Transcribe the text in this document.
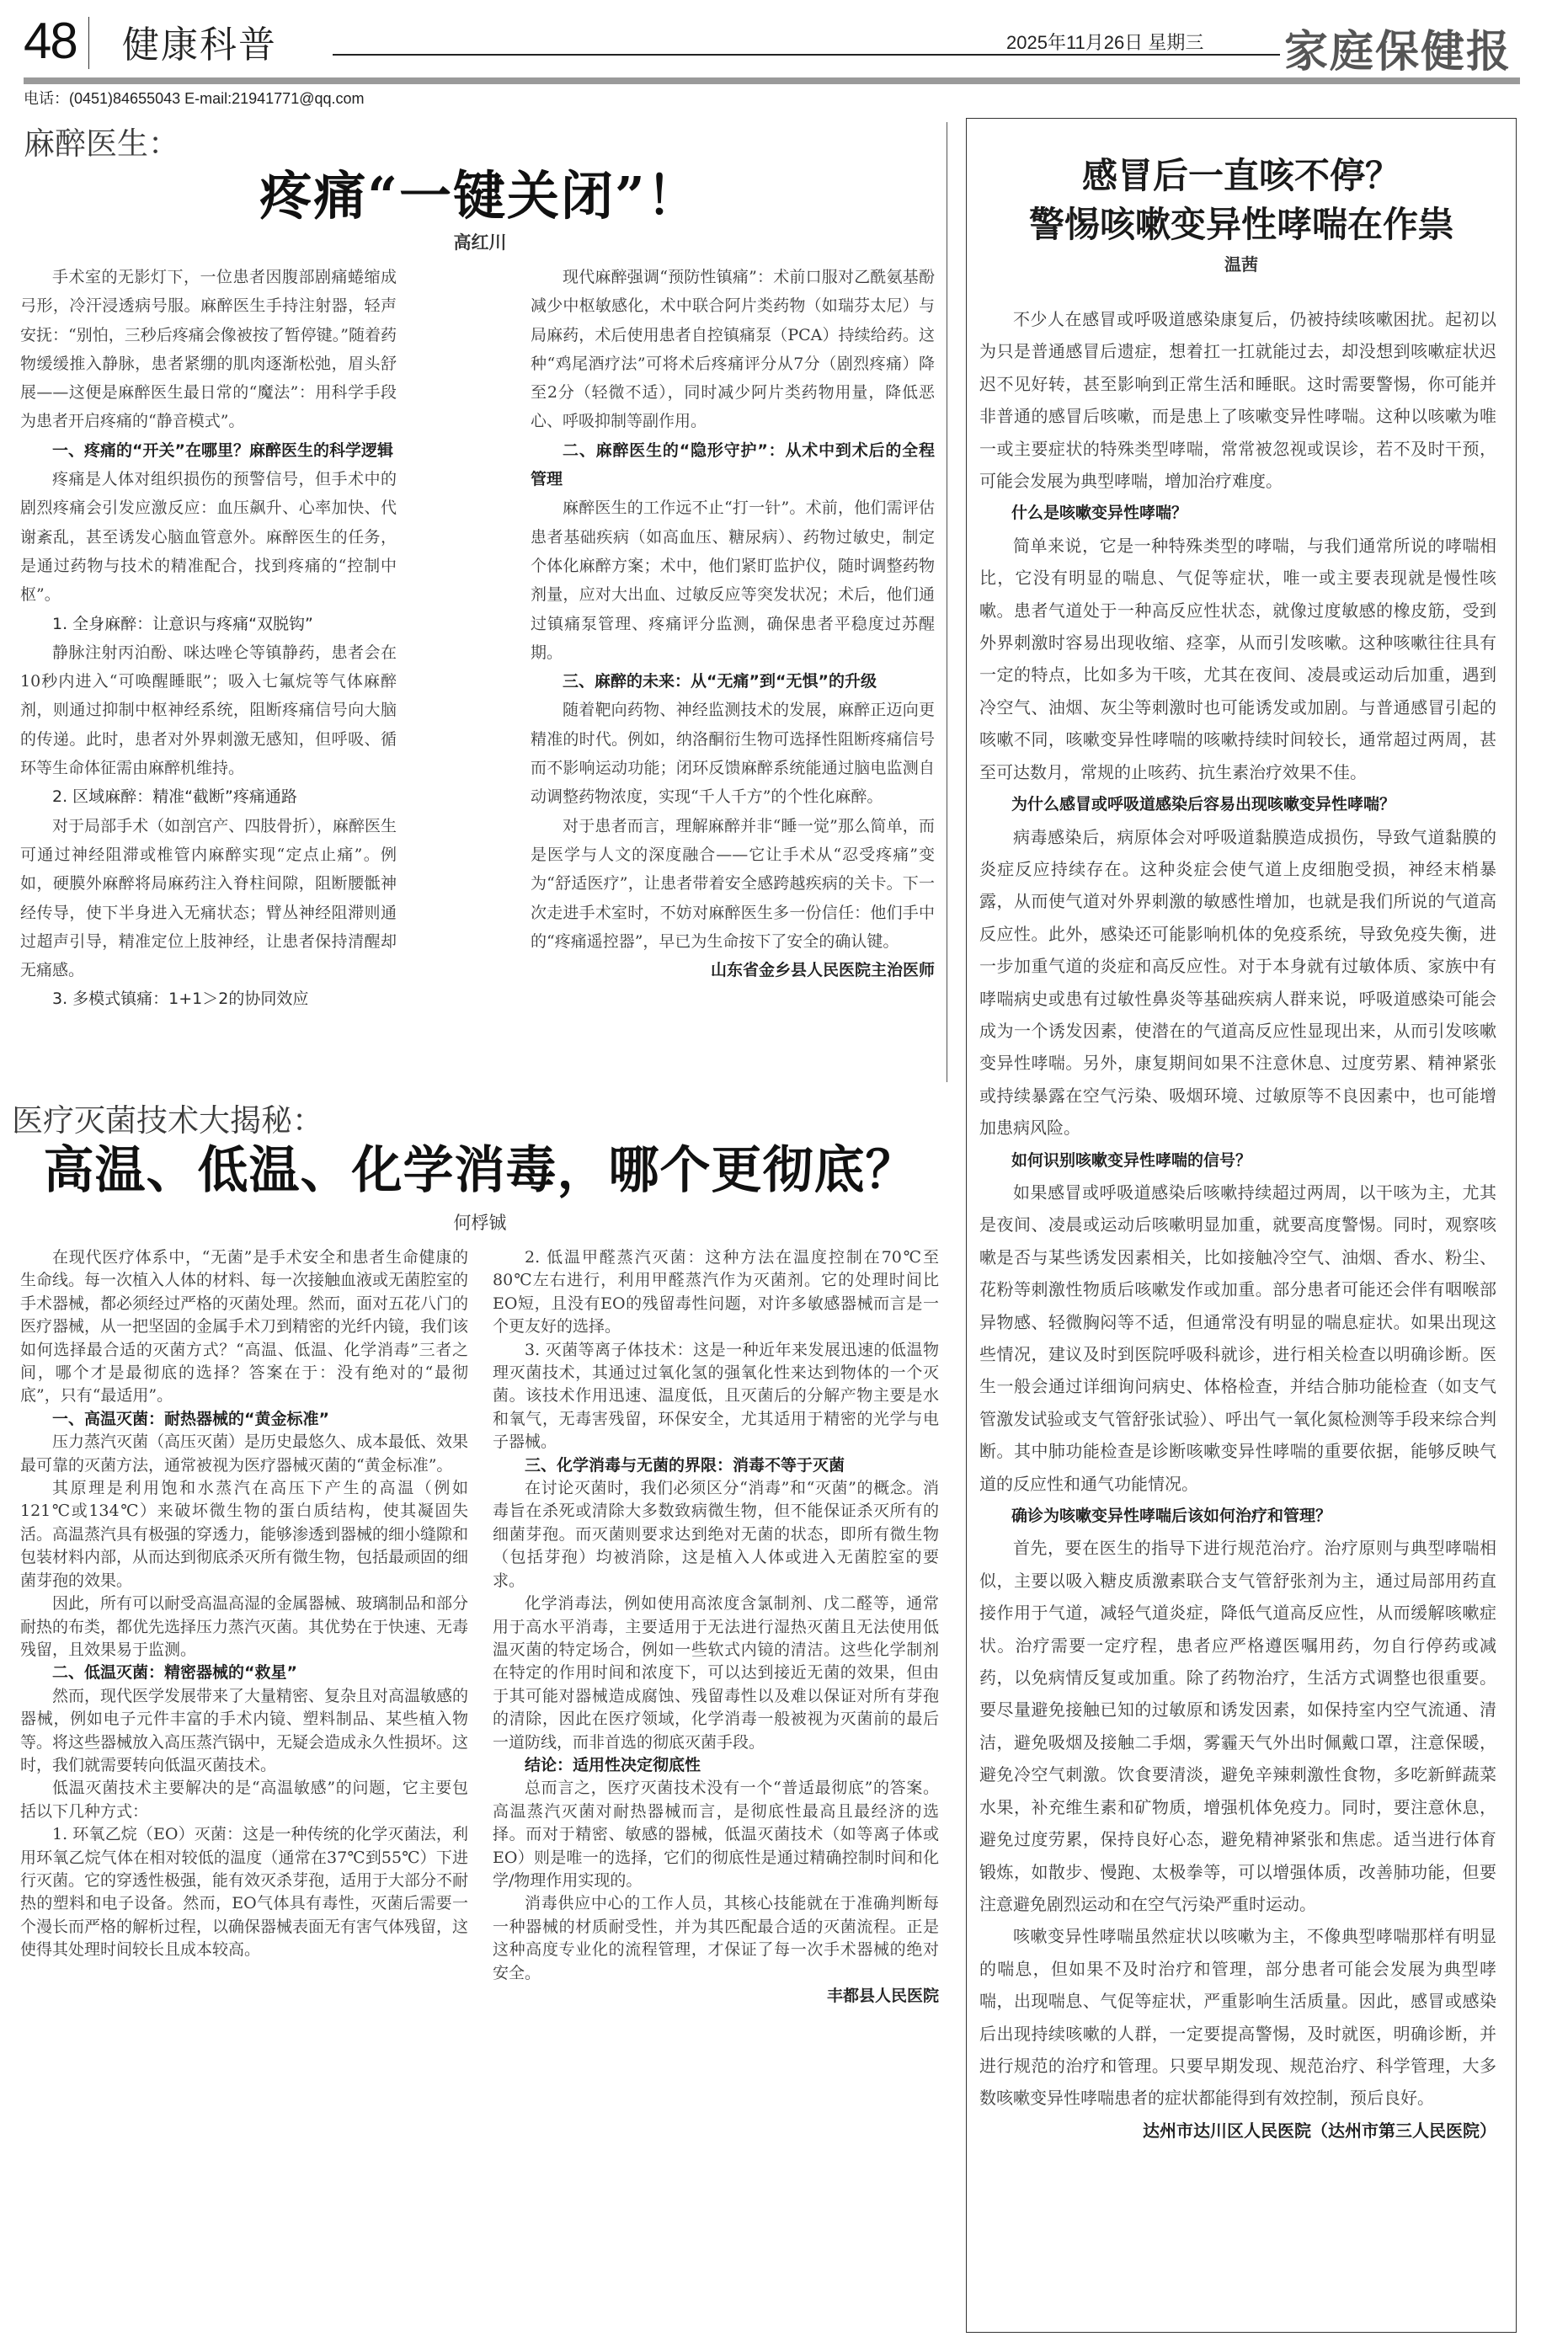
48 健康科普	2025年11月26日 星期三 家庭保健报
电话：(0451)84655043 E-mail:21941771@qq.com
麻醉医生：
疼痛“一键关闭”！
高红川

手术室的无影灯下，一位患者因腹部剧痛蜷缩成弓形，冷汗浸透病号服。麻醉医生手持注射器，轻声安抚：“别怕，三秒后疼痛会像被按了暂停键。”随着药物缓缓推入静脉，患者紧绷的肌肉逐渐松弛，眉头舒展——这便是麻醉医生最日常的“魔法”：用科学手段为患者开启疼痛的“静音模式”。

一、疼痛的“开关”在哪里？麻醉医生的科学逻辑

疼痛是人体对组织损伤的预警信号，但手术中的剧烈疼痛会引发应激反应：血压飙升、心率加快、代谢紊乱，甚至诱发心脑血管意外。麻醉医生的任务，是通过药物与技术的精准配合，找到疼痛的“控制中枢”。

1. 全身麻醉：让意识与疼痛“双脱钩”

静脉注射丙泊酚、咪达唑仑等镇静药，患者会在10秒内进入“可唤醒睡眠”；吸入七氟烷等气体麻醉剂，则通过抑制中枢神经系统，阻断疼痛信号向大脑的传递。此时，患者对外界刺激无感知，但呼吸、循环等生命体征需由麻醉机维持。

2. 区域麻醉：精准“截断”疼痛通路

对于局部手术（如剖宫产、四肢骨折），麻醉医生可通过神经阻滞或椎管内麻醉实现“定点止痛”。例如，硬膜外麻醉将局麻药注入脊柱间隙，阻断腰骶神经传导，使下半身进入无痛状态；臂丛神经阻滞则通过超声引导，精准定位上肢神经，让患者保持清醒却无痛感。

3. 多模式镇痛：1+1＞2的协同效应

现代麻醉强调“预防性镇痛”：术前口服对乙酰氨基酚减少中枢敏感化，术中联合阿片类药物（如瑞芬太尼）与局麻药，术后使用患者自控镇痛泵（PCA）持续给药。这种“鸡尾酒疗法”可将术后疼痛评分从7分（剧烈疼痛）降至2分（轻微不适），同时减少阿片类药物用量，降低恶心、呼吸抑制等副作用。

二、麻醉医生的“隐形守护”：从术中到术后的全程管理

麻醉医生的工作远不止“打一针”。术前，他们需评估患者基础疾病（如高血压、糖尿病）、药物过敏史，制定个体化麻醉方案；术中，他们紧盯监护仪，随时调整药物剂量，应对大出血、过敏反应等突发状况；术后，他们通过镇痛泵管理、疼痛评分监测，确保患者平稳度过苏醒期。

三、麻醉的未来：从“无痛”到“无惧”的升级

随着靶向药物、神经监测技术的发展，麻醉正迈向更精准的时代。例如，纳洛酮衍生物可选择性阻断疼痛信号而不影响运动功能；闭环反馈麻醉系统能通过脑电监测自动调整药物浓度，实现“千人千方”的个性化麻醉。

对于患者而言，理解麻醉并非“睡一觉”那么简单，而是医学与人文的深度融合——它让手术从“忍受疼痛”变为“舒适医疗”，让患者带着安全感跨越疾病的关卡。下一次走进手术室时，不妨对麻醉医生多一份信任：他们手中的“疼痛遥控器”，早已为生命按下了安全的确认键。

山东省金乡县人民医院主治医师

医疗灭菌技术大揭秘：
高温、低温、化学消毒，哪个更彻底？
何桴铖

在现代医疗体系中，“无菌”是手术安全和患者生命健康的生命线。每一次植入人体的材料、每一次接触血液或无菌腔室的手术器械，都必须经过严格的灭菌处理。然而，面对五花八门的医疗器械，从一把坚固的金属手术刀到精密的光纤内镜，我们该如何选择最合适的灭菌方式？“高温、低温、化学消毒”三者之间，哪个才是最彻底的选择？答案在于：没有绝对的“最彻底”，只有“最适用”。

一、高温灭菌：耐热器械的“黄金标准”

压力蒸汽灭菌（高压灭菌）是历史最悠久、成本最低、效果最可靠的灭菌方法，通常被视为医疗器械灭菌的“黄金标准”。

其原理是利用饱和水蒸汽在高压下产生的高温（例如121℃或134℃）来破坏微生物的蛋白质结构，使其凝固失活。高温蒸汽具有极强的穿透力，能够渗透到器械的细小缝隙和包装材料内部，从而达到彻底杀灭所有微生物，包括最顽固的细菌芽孢的效果。

因此，所有可以耐受高温高湿的金属器械、玻璃制品和部分耐热的布类，都优先选择压力蒸汽灭菌。其优势在于快速、无毒残留，且效果易于监测。

二、低温灭菌：精密器械的“救星”

然而，现代医学发展带来了大量精密、复杂且对高温敏感的器械，例如电子元件丰富的手术内镜、塑料制品、某些植入物等。将这些器械放入高压蒸汽锅中，无疑会造成永久性损坏。这时，我们就需要转向低温灭菌技术。

低温灭菌技术主要解决的是“高温敏感”的问题，它主要包括以下几种方式：

1. 环氧乙烷（EO）灭菌：这是一种传统的化学灭菌法，利用环氧乙烷气体在相对较低的温度（通常在37℃到55℃）下进行灭菌。它的穿透性极强，能有效灭杀芽孢，适用于大部分不耐热的塑料和电子设备。然而，EO气体具有毒性，灭菌后需要一个漫长而严格的解析过程，以确保器械表面无有害气体残留，这使得其处理时间较长且成本较高。

2. 低温甲醛蒸汽灭菌：这种方法在温度控制在70℃至80℃左右进行，利用甲醛蒸汽作为灭菌剂。它的处理时间比EO短，且没有EO的残留毒性问题，对许多敏感器械而言是一个更友好的选择。

3. 灭菌等离子体技术：这是一种近年来发展迅速的低温物理灭菌技术，其通过过氧化氢的强氧化性来达到物体的一个灭菌。该技术作用迅速、温度低，且灭菌后的分解产物主要是水和氧气，无毒害残留，环保安全，尤其适用于精密的光学与电子器械。

三、化学消毒与无菌的界限：消毒不等于灭菌

在讨论灭菌时，我们必须区分“消毒”和“灭菌”的概念。消毒旨在杀死或清除大多数致病微生物，但不能保证杀灭所有的细菌芽孢。而灭菌则要求达到绝对无菌的状态，即所有微生物（包括芽孢）均被消除，这是植入人体或进入无菌腔室的要求。

化学消毒法，例如使用高浓度含氯制剂、戊二醛等，通常用于高水平消毒，主要适用于无法进行湿热灭菌且无法使用低温灭菌的特定场合，例如一些软式内镜的清洁。这些化学制剂在特定的作用时间和浓度下，可以达到接近无菌的效果，但由于其可能对器械造成腐蚀、残留毒性以及难以保证对所有芽孢的清除，因此在医疗领域，化学消毒一般被视为灭菌前的最后一道防线，而非首选的彻底灭菌手段。

结论：适用性决定彻底性

总而言之，医疗灭菌技术没有一个“普适最彻底”的答案。高温蒸汽灭菌对耐热器械而言，是彻底性最高且最经济的选择。而对于精密、敏感的器械，低温灭菌技术（如等离子体或EO）则是唯一的选择，它们的彻底性是通过精确控制时间和化学/物理作用实现的。

消毒供应中心的工作人员，其核心技能就在于准确判断每一种器械的材质耐受性，并为其匹配最合适的灭菌流程。正是这种高度专业化的流程管理，才保证了每一次手术器械的绝对安全。

丰都县人民医院

感冒后一直咳不停？
警惕咳嗽变异性哮喘在作祟
温茜

不少人在感冒或呼吸道感染康复后，仍被持续咳嗽困扰。起初以为只是普通感冒后遗症，想着扛一扛就能过去，却没想到咳嗽症状迟迟不见好转，甚至影响到正常生活和睡眠。这时需要警惕，你可能并非普通的感冒后咳嗽，而是患上了咳嗽变异性哮喘。这种以咳嗽为唯一或主要症状的特殊类型哮喘，常常被忽视或误诊，若不及时干预，可能会发展为典型哮喘，增加治疗难度。

什么是咳嗽变异性哮喘？

简单来说，它是一种特殊类型的哮喘，与我们通常所说的哮喘相比，它没有明显的喘息、气促等症状，唯一或主要表现就是慢性咳嗽。患者气道处于一种高反应性状态，就像过度敏感的橡皮筋，受到外界刺激时容易出现收缩、痉挛，从而引发咳嗽。这种咳嗽往往具有一定的特点，比如多为干咳，尤其在夜间、凌晨或运动后加重，遇到冷空气、油烟、灰尘等刺激时也可能诱发或加剧。与普通感冒引起的咳嗽不同，咳嗽变异性哮喘的咳嗽持续时间较长，通常超过两周，甚至可达数月，常规的止咳药、抗生素治疗效果不佳。

为什么感冒或呼吸道感染后容易出现咳嗽变异性哮喘？

病毒感染后，病原体会对呼吸道黏膜造成损伤，导致气道黏膜的炎症反应持续存在。这种炎症会使气道上皮细胞受损，神经末梢暴露，从而使气道对外界刺激的敏感性增加，也就是我们所说的气道高反应性。此外，感染还可能影响机体的免疫系统，导致免疫失衡，进一步加重气道的炎症和高反应性。对于本身就有过敏体质、家族中有哮喘病史或患有过敏性鼻炎等基础疾病人群来说，呼吸道感染可能会成为一个诱发因素，使潜在的气道高反应性显现出来，从而引发咳嗽变异性哮喘。另外，康复期间如果不注意休息、过度劳累、精神紧张或持续暴露在空气污染、吸烟环境、过敏原等不良因素中，也可能增加患病风险。

如何识别咳嗽变异性哮喘的信号？

如果感冒或呼吸道感染后咳嗽持续超过两周，以干咳为主，尤其是夜间、凌晨或运动后咳嗽明显加重，就要高度警惕。同时，观察咳嗽是否与某些诱发因素相关，比如接触冷空气、油烟、香水、粉尘、花粉等刺激性物质后咳嗽发作或加重。部分患者可能还会伴有咽喉部异物感、轻微胸闷等不适，但通常没有明显的喘息症状。如果出现这些情况，建议及时到医院呼吸科就诊，进行相关检查以明确诊断。医生一般会通过详细询问病史、体格检查，并结合肺功能检查（如支气管激发试验或支气管舒张试验）、呼出气一氧化氮检测等手段来综合判断。其中肺功能检查是诊断咳嗽变异性哮喘的重要依据，能够反映气道的反应性和通气功能情况。

确诊为咳嗽变异性哮喘后该如何治疗和管理？

首先，要在医生的指导下进行规范治疗。治疗原则与典型哮喘相似，主要以吸入糖皮质激素联合支气管舒张剂为主，通过局部用药直接作用于气道，减轻气道炎症，降低气道高反应性，从而缓解咳嗽症状。治疗需要一定疗程，患者应严格遵医嘱用药，勿自行停药或减药，以免病情反复或加重。除了药物治疗，生活方式调整也很重要。要尽量避免接触已知的过敏原和诱发因素，如保持室内空气流通、清洁，避免吸烟及接触二手烟，雾霾天气外出时佩戴口罩，注意保暖，避免冷空气刺激。饮食要清淡，避免辛辣刺激性食物，多吃新鲜蔬菜水果，补充维生素和矿物质，增强机体免疫力。同时，要注意休息，避免过度劳累，保持良好心态，避免精神紧张和焦虑。适当进行体育锻炼，如散步、慢跑、太极拳等，可以增强体质，改善肺功能，但要注意避免剧烈运动和在空气污染严重时运动。

咳嗽变异性哮喘虽然症状以咳嗽为主，不像典型哮喘那样有明显的喘息，但如果不及时治疗和管理，部分患者可能会发展为典型哮喘，出现喘息、气促等症状，严重影响生活质量。因此，感冒或感染后出现持续咳嗽的人群，一定要提高警惕，及时就医，明确诊断，并进行规范的治疗和管理。只要早期发现、规范治疗、科学管理，大多数咳嗽变异性哮喘患者的症状都能得到有效控制，预后良好。

达州市达川区人民医院（达州市第三人民医院）
